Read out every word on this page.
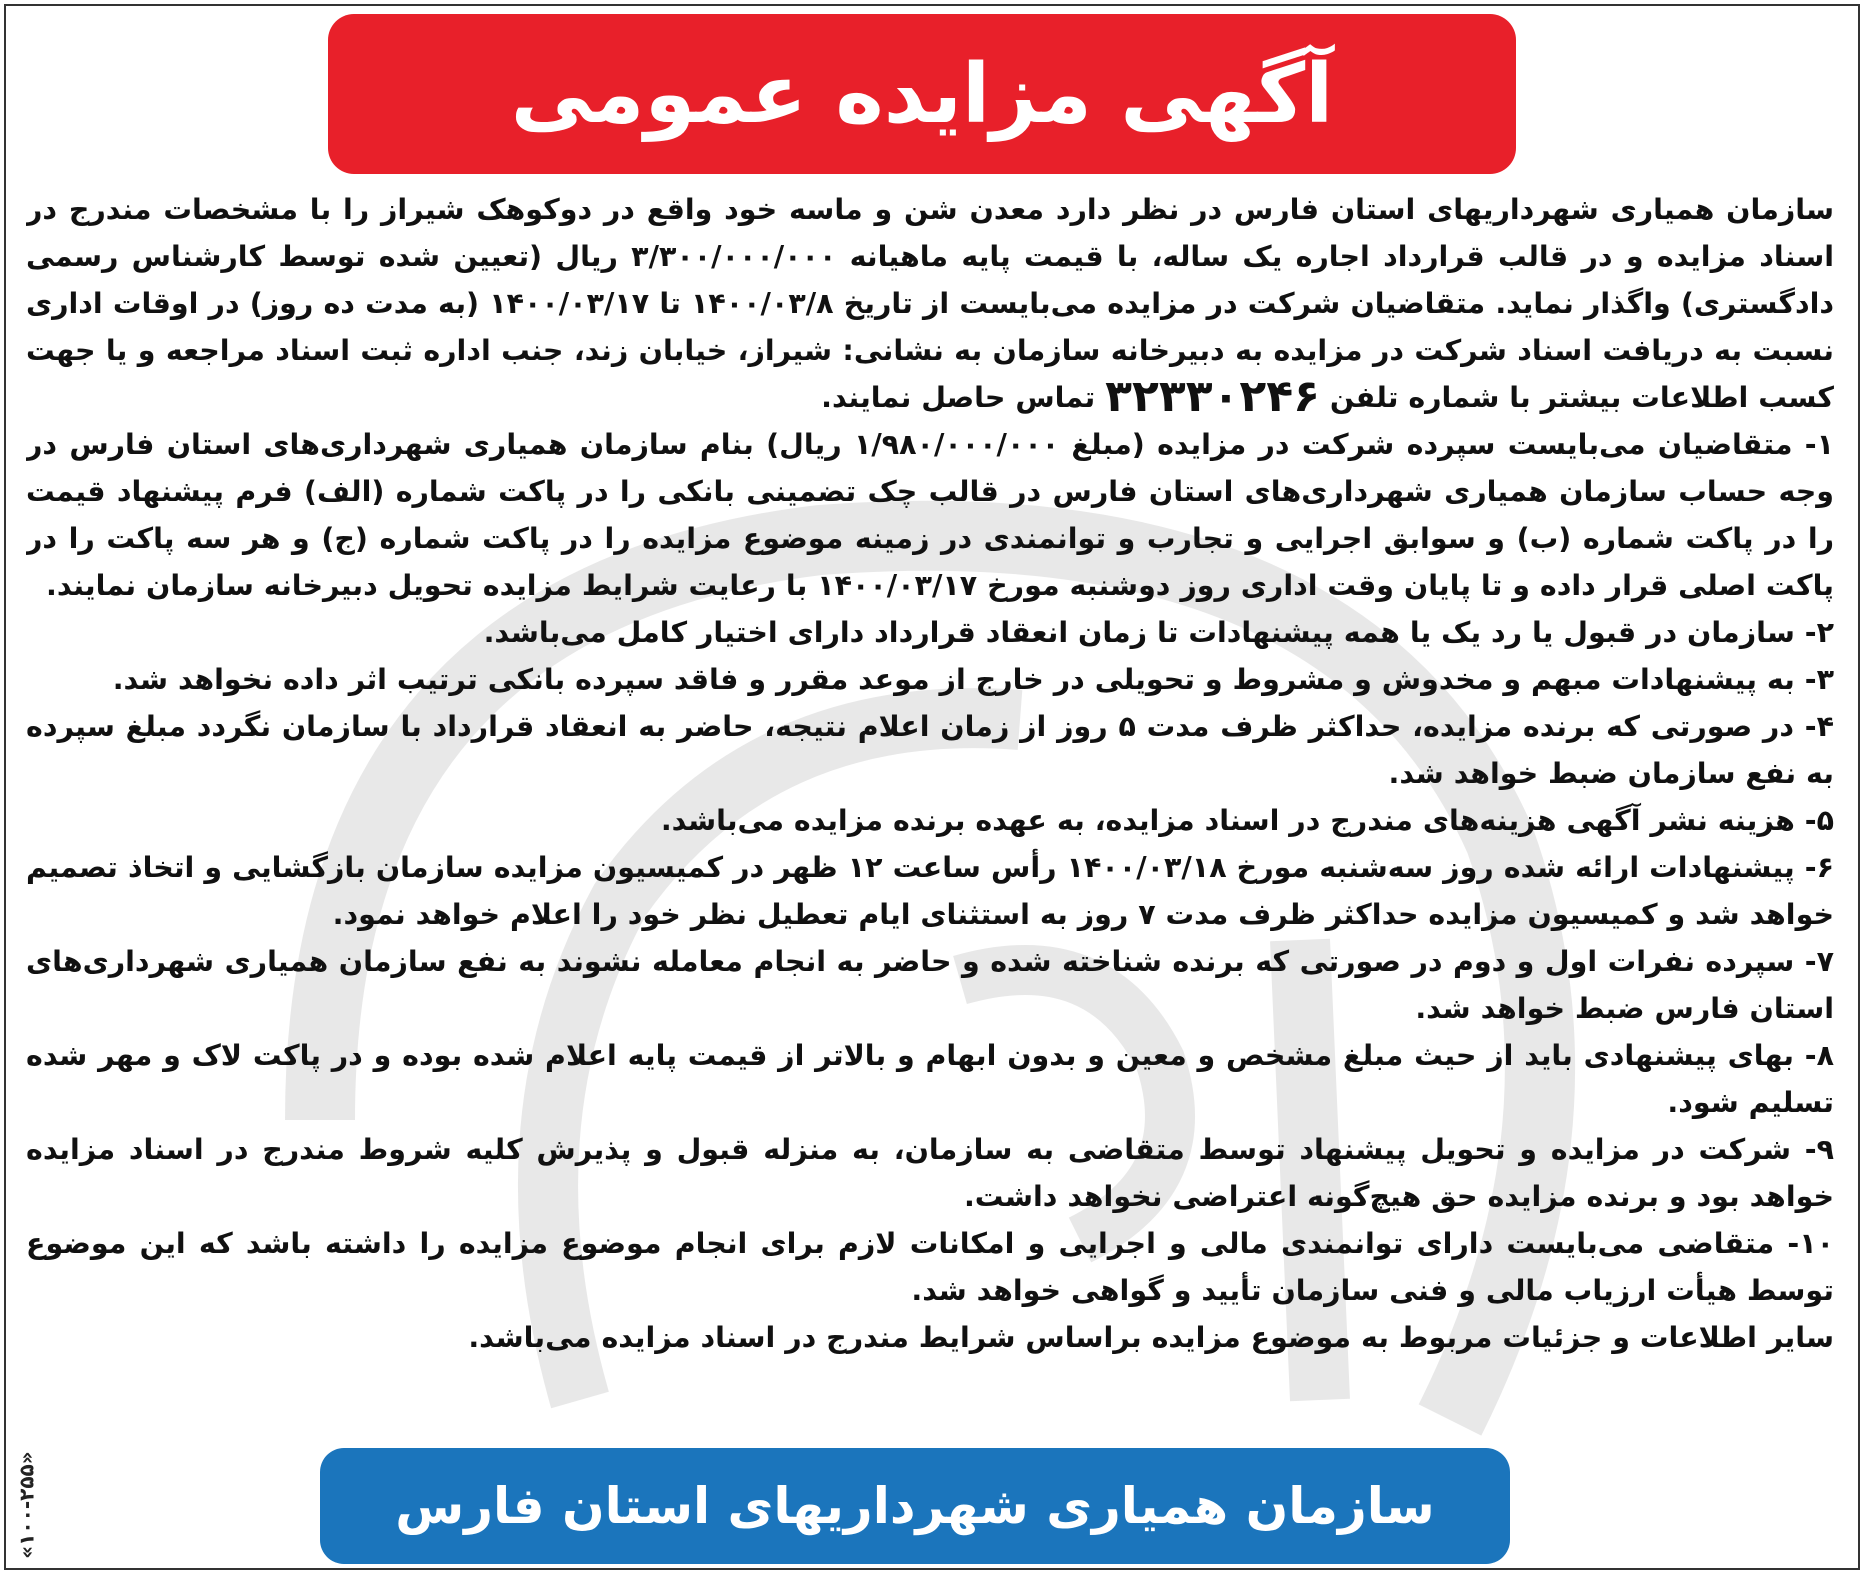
آگهی مزایده عمومی

سازمان همیاری شهرداریهای استان فارس در نظر دارد معدن شن و ماسه خود واقع در دوکوهک شیراز را با مشخصات مندرج در اسناد مزایده و در قالب قرارداد اجاره یک ساله، با قیمت پایه ماهیانه ۳/۳۰۰/۰۰۰/۰۰۰ ریال (تعیین شده توسط کارشناس رسمی دادگستری) واگذار نماید. متقاضیان شرکت در مزایده می‌بایست از تاریخ ۱۴۰۰/۰۳/۸ تا ۱۴۰۰/۰۳/۱۷ (به مدت ده روز) در اوقات اداری نسبت به دریافت اسناد شرکت در مزایده به دبیرخانه سازمان به نشانی: شیراز، خیابان زند، جنب اداره ثبت اسناد مراجعه و یا جهت کسب اطلاعات بیشتر با شماره تلفن ۳۲۳۳۰۲۴۶ تماس حاصل نمایند.

۱- متقاضیان می‌بایست سپرده شرکت در مزایده (مبلغ ۱/۹۸۰/۰۰۰/۰۰۰ ریال) بنام سازمان همیاری شهرداری‌های استان فارس در وجه حساب سازمان همیاری شهرداری‌های استان فارس در قالب چک تضمینی بانکی را در پاکت شماره (الف) فرم پیشنهاد قیمت را در پاکت شماره (ب) و سوابق اجرایی و تجارب و توانمندی در زمینه موضوع مزایده را در پاکت شماره (ج) و هر سه پاکت را در پاکت اصلی قرار داده و تا پایان وقت اداری روز دوشنبه مورخ ۱۴۰۰/۰۳/۱۷ با رعایت شرایط مزایده تحویل دبیرخانه سازمان نمایند.

۲- سازمان در قبول یا رد یک یا همه پیشنهادات تا زمان انعقاد قرارداد دارای اختیار کامل می‌باشد.

۳- به پیشنهادات مبهم و مخدوش و مشروط و تحویلی در خارج از موعد مقرر و فاقد سپرده بانکی ترتیب اثر داده نخواهد شد.

۴- در صورتی که برنده مزایده، حداکثر ظرف مدت ۵ روز از زمان اعلام نتیجه، حاضر به انعقاد قرارداد با سازمان نگردد مبلغ سپرده به نفع سازمان ضبط خواهد شد.

۵- هزینه نشر آگهی هزینه‌های مندرج در اسناد مزایده، به عهده برنده مزایده می‌باشد.

۶- پیشنهادات ارائه شده روز سه‌شنبه مورخ ۱۴۰۰/۰۳/۱۸ رأس ساعت ۱۲ ظهر در کمیسیون مزایده سازمان بازگشایی و اتخاذ تصمیم خواهد شد و کمیسیون مزایده حداکثر ظرف مدت ۷ روز به استثنای ایام تعطیل نظر خود را اعلام خواهد نمود.

۷- سپرده نفرات اول و دوم در صورتی که برنده شناخته شده و حاضر به انجام معامله نشوند به نفع سازمان همیاری شهرداری‌های استان فارس ضبط خواهد شد.

۸- بهای پیشنهادی باید از حیث مبلغ مشخص و معین و بدون ابهام و بالاتر از قیمت پایه اعلام شده بوده و در پاکت لاک و مهر شده تسلیم شود.

۹- شرکت در مزایده و تحویل پیشنهاد توسط متقاضی به سازمان، به منزله قبول و پذیرش کلیه شروط مندرج در اسناد مزایده خواهد بود و برنده مزایده حق هیچ‌گونه اعتراضی نخواهد داشت.

۱۰- متقاضی می‌بایست دارای توانمندی مالی و اجرایی و امکانات لازم برای انجام موضوع مزایده را داشته باشد که این موضوع توسط هیأت ارزیاب مالی و فنی سازمان تأیید و گواهی خواهد شد.

سایر اطلاعات و جزئیات مربوط به موضوع مزایده براساس شرایط مندرج در اسناد مزایده می‌باشد.

سازمان همیاری شهرداریهای استان فارس
«۱۰۰-۲۵۵»
